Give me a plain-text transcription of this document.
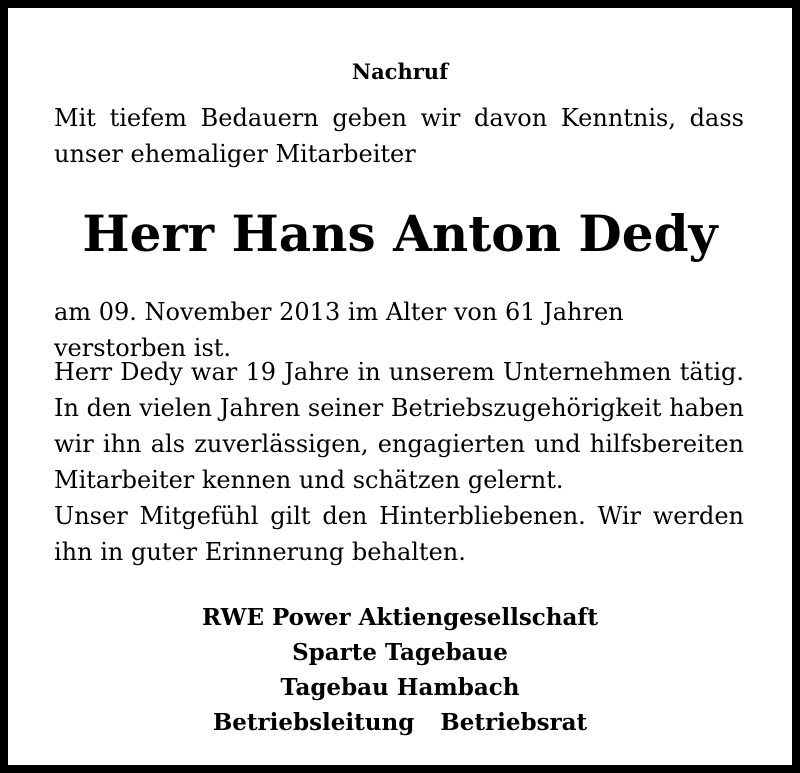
Nachruf
Mit tiefem Bedauern geben wir davon Kenntnis, dass unser ehemaliger Mitarbeiter
Herr Hans Anton Dedy
am 09. November 2013 im Alter von 61 Jahren verstorben ist.
Herr Dedy war 19 Jahre in unserem Unternehmen tätig. In den vielen Jahren seiner Betriebszugehörigkeit haben wir ihn als zuverlässigen, engagierten und hilfsbereiten Mitarbeiter kennen und schätzen gelernt.
Unser Mitgefühl gilt den Hinterbliebenen. Wir werden ihn in guter Erinnerung behalten.
RWE Power Aktiengesellschaft
Sparte Tagebaue
Tagebau Hambach
Betriebsleitung Betriebsrat
